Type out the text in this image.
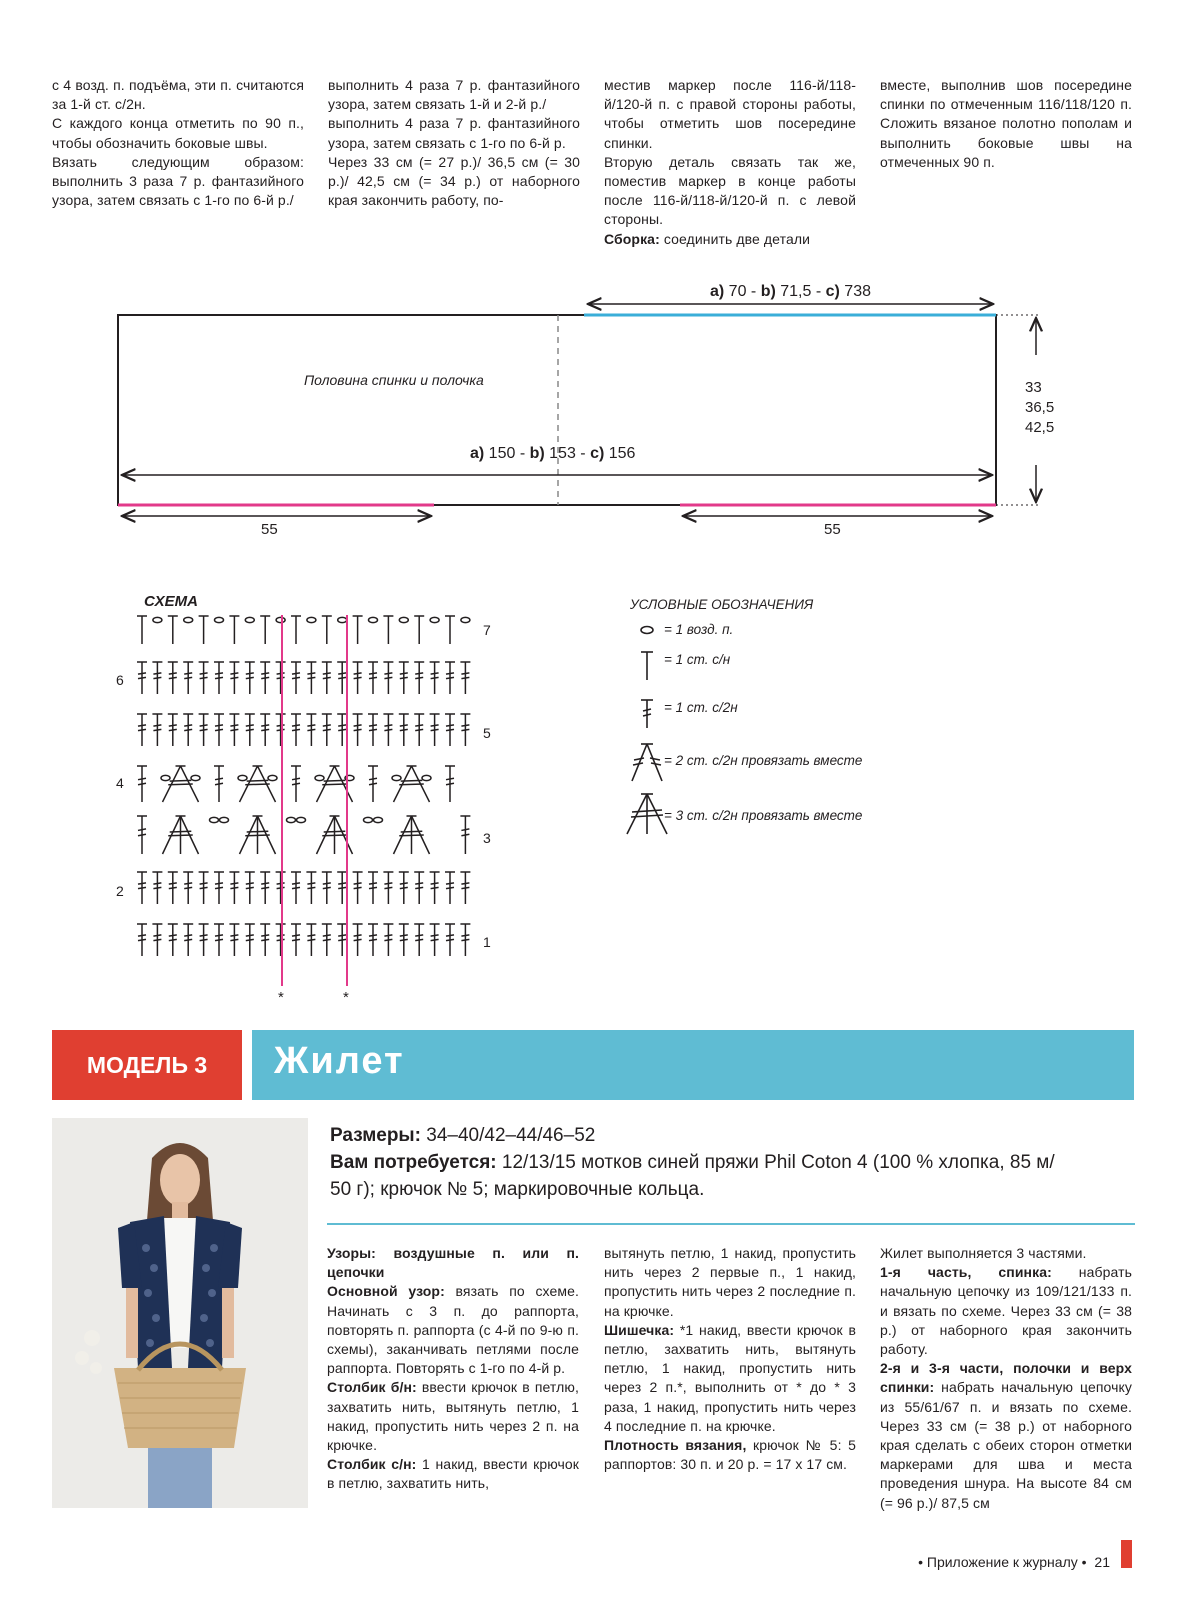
с 4 возд. п. подъёма, эти п. считаются за 1-й ст. с/2н.

С каждого конца отметить по 90 п., чтобы обозначить боковые швы.

Вязать следующим образом: выполнить 3 раза 7 р. фантазийного узора, затем связать с 1-го по 6-й р./

выполнить 4 раза 7 р. фантазийного узора, затем связать 1-й и 2-й р./

выполнить 4 раза 7 р. фантазийного узора, затем связать с 1-го по 6-й р.

Через 33 см (= 27 р.)/ 36,5 см (= 30 р.)/ 42,5 см (= 34 р.) от наборного края закончить работу, по-

местив маркер после 116-й/118-й/120-й п. с правой стороны работы, чтобы отметить шов посередине спинки.

Вторую деталь связать так же, поместив маркер в конце работы после 116-й/118-й/120-й п. с левой стороны.

Сборка: соединить две детали

вместе, выполнив шов посередине спинки по отмеченным 116/118/120 п. Сложить вязаное полотно пополам и выполнить боковые швы на отмеченных 90 п.

a) 70 - b) 71,5 - c) 738
33
36,5
42,5
Половина спинки и полочка
a) 150 - b) 153 - c) 156
55	55
СХЕМА
*	*
7
6
5
4
3
2
1
УСЛОВНЫЕ ОБОЗНАЧЕНИЯ
= 1 возд. п.
= 1 ст. с/н
= 1 ст. с/2н
= 2 ст. с/2н провязать вместе
= 3 ст. с/2н провязать вместе
МОДЕЛЬ 3 Жилет
Размеры: 34–40/42–44/46–52
Вам потребуется: 12/13/15 мотков синей пряжи Phil Coton 4 (100 % хлопка, 85 м/
50 г); крючок № 5; маркировочные кольца.

Узоры: воздушные п. или п. цепочки

Основной узор: вязать по схеме. Начинать с 3 п. до раппорта, повторять п. раппорта (с 4-й по 9-ю п. схемы), заканчивать петлями после раппорта. Повторять с 1-го по 4-й р.

Столбик б/н: ввести крючок в петлю, захватить нить, вытянуть петлю, 1 накид, пропустить нить через 2 п. на крючке.

Столбик с/н: 1 накид, ввести крючок в петлю, захватить нить,

вытянуть петлю, 1 накид, пропустить нить через 2 первые п., 1 накид, пропустить нить через 2 последние п. на крючке.

Шишечка: *1 накид, ввести крючок в петлю, захватить нить, вытянуть петлю, 1 накид, пропустить нить через 2 п.*, выполнить от * до * 3 раза, 1 накид, пропустить нить через 4 последние п. на крючке.

Плотность вязания, крючок № 5: 5 раппортов: 30 п. и 20 р. = 17 х 17 см.

Жилет выполняется 3 частями.

1-я часть, спинка: набрать начальную цепочку из 109/121/133 п. и вязать по схеме. Через 33 см (= 38 р.) от наборного края закончить работу.

2-я и 3-я части, полочки и верх спинки: набрать начальную цепочку из 55/61/67 п. и вязать по схеме. Через 33 см (= 38 р.) от наборного края сделать с обеих сторон отметки маркерами для шва и места проведения шнура. На высоте 84 см (= 96 р.)/ 87,5 см

• Приложение к журналу • 21
